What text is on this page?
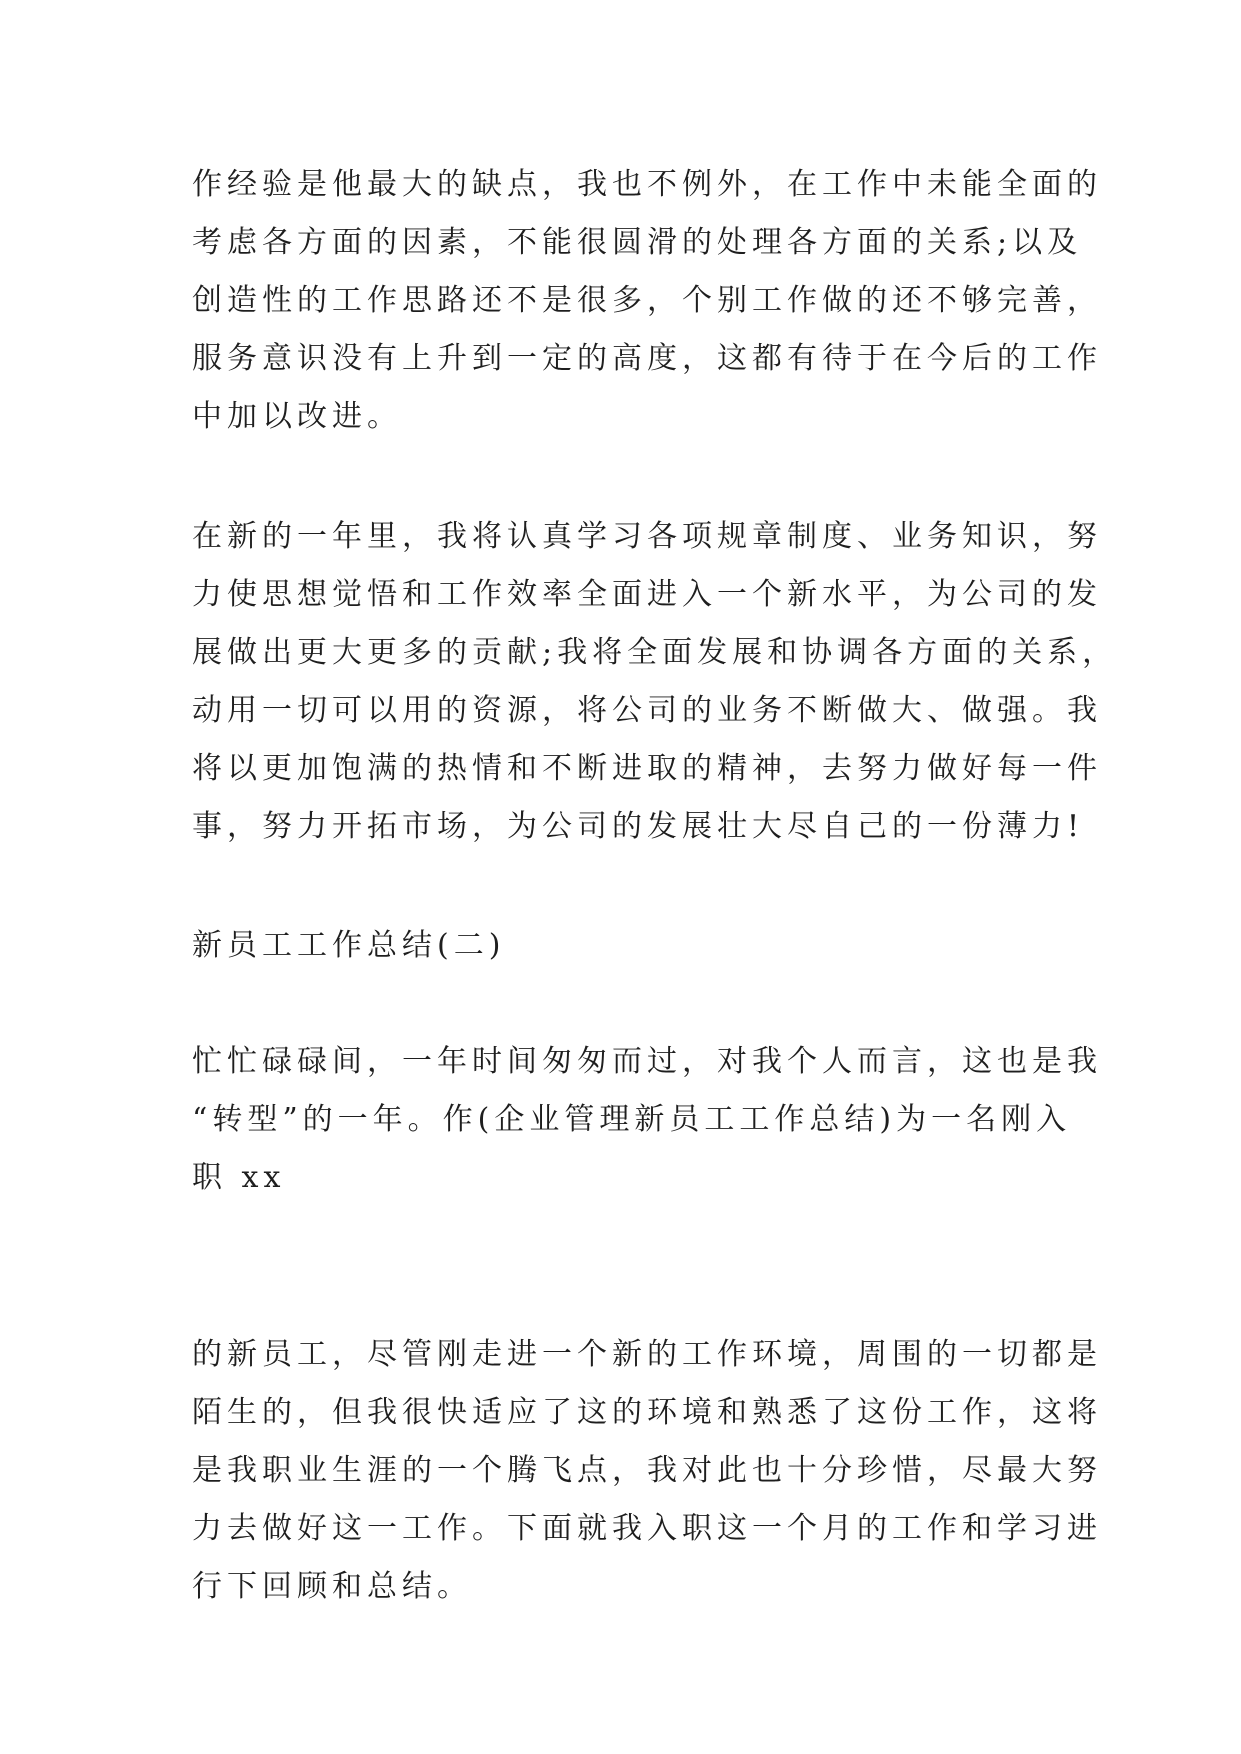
作经验是他最大的缺点，我也不例外，在工作中未能全面的
考虑各方面的因素，不能很圆滑的处理各方面的关系;以及
创造性的工作思路还不是很多，个别工作做的还不够完善，
服务意识没有上升到一定的高度，这都有待于在今后的工作
中加以改进。
在新的一年里，我将认真学习各项规章制度、业务知识，努
力使思想觉悟和工作效率全面进入一个新水平，为公司的发
展做出更大更多的贡献;我将全面发展和协调各方面的关系，
动用一切可以用的资源，将公司的业务不断做大、做强。我
将以更加饱满的热情和不断进取的精神，去努力做好每一件
事，努力开拓市场，为公司的发展壮大尽自己的一份薄力!
新员工工作总结(二)
忙忙碌碌间，一年时间匆匆而过，对我个人而言，这也是我
“转型”的一年。作(企业管理新员工工作总结)为一名刚入
职 xx
的新员工，尽管刚走进一个新的工作环境，周围的一切都是
陌生的，但我很快适应了这的环境和熟悉了这份工作，这将
是我职业生涯的一个腾飞点，我对此也十分珍惜，尽最大努
力去做好这一工作。下面就我入职这一个月的工作和学习进
行下回顾和总结。
